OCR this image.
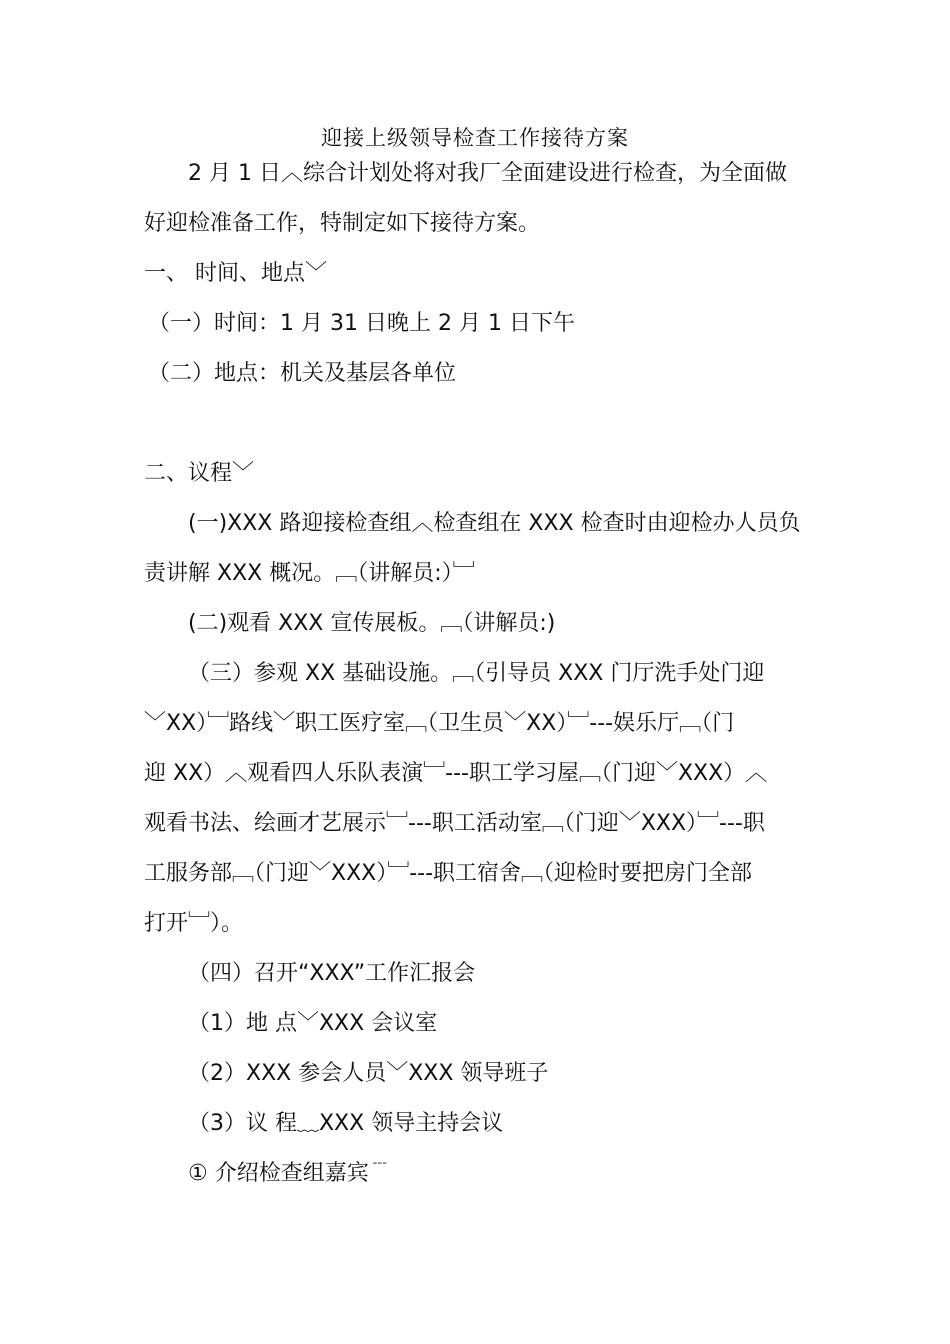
迎接上级领导检查工作接待方案
2 月 1 日︿综合计划处将对我厂全面建设进行检查，为全面做
好迎检准备工作，特制定如下接待方案。
一、 时间、地点﹀
（一）时间：1 月 31 日晚上 2 月 1 日下午
（二）地点：机关及基层各单位
二、议程﹀
(一)XXX 路迎接检查组︿检查组在 XXX 检查时由迎检办人员负
责讲解 XXX 概况。﹇（讲解员:）﹈
(二)观看 XXX 宣传展板。﹇（讲解员:)
（三）参观 XX 基础设施。﹇（引导员 XXX 门厅洗手处门迎
﹀XX）﹈路线﹀职工医疗室﹇（卫生员﹀XX）﹈---娱乐厅﹇（门
迎 XX）︿观看四人乐队表演﹈---职工学习屋﹇（门迎﹀XXX）︿
观看书法、绘画才艺展示﹈---职工活动室﹇（门迎﹀XXX）﹈---职
工服务部﹇（门迎﹀XXX）﹈---职工宿舍﹇（迎检时要把房门全部
打开﹈）。
（四）召开“XXX”工作汇报会
（1）地 点﹀XXX 会议室
（2）XXX 参会人员﹀XXX 领导班子
（3）议 程﹏XXX 领导主持会议
① 介绍检查组嘉宾﹉
